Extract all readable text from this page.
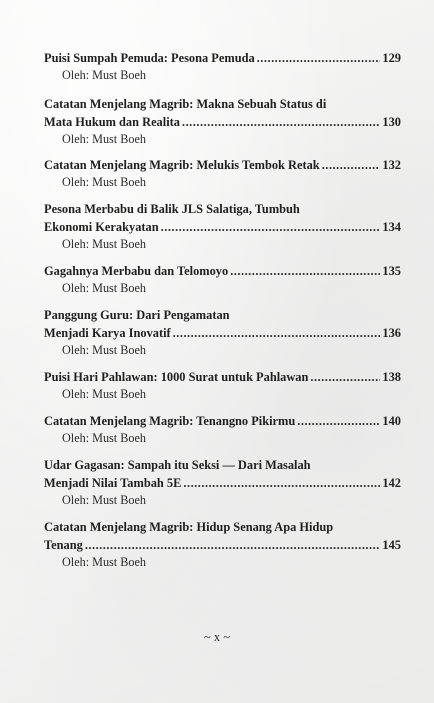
Puisi Sumpah Pemuda: Pesona Pemuda .....	129
Oleh: Must Boeh
Catatan Menjelang Magrib: Makna Sebuah Status di
Mata Hukum dan Realita .....	130
Oleh: Must Boeh
Catatan Menjelang Magrib: Melukis Tembok Retak .....	132
Oleh: Must Boeh
Pesona Merbabu di Balik JLS Salatiga, Tumbuh
Ekonomi Kerakyatan .....	134
Oleh: Must Boeh
Gagahnya Merbabu dan Telomoyo .....	135
Oleh: Must Boeh
Panggung Guru: Dari Pengamatan
Menjadi Karya Inovatif .....	136
Oleh: Must Boeh
Puisi Hari Pahlawan: 1000 Surat untuk Pahlawan .....	138
Oleh: Must Boeh
Catatan Menjelang Magrib: Tenangno Pikirmu .....	140
Oleh: Must Boeh
Udar Gagasan: Sampah itu Seksi — Dari Masalah
Menjadi Nilai Tambah 5E .....	142
Oleh: Must Boeh
Catatan Menjelang Magrib: Hidup Senang Apa Hidup
Tenang .....	145
Oleh: Must Boeh
~ x ~
